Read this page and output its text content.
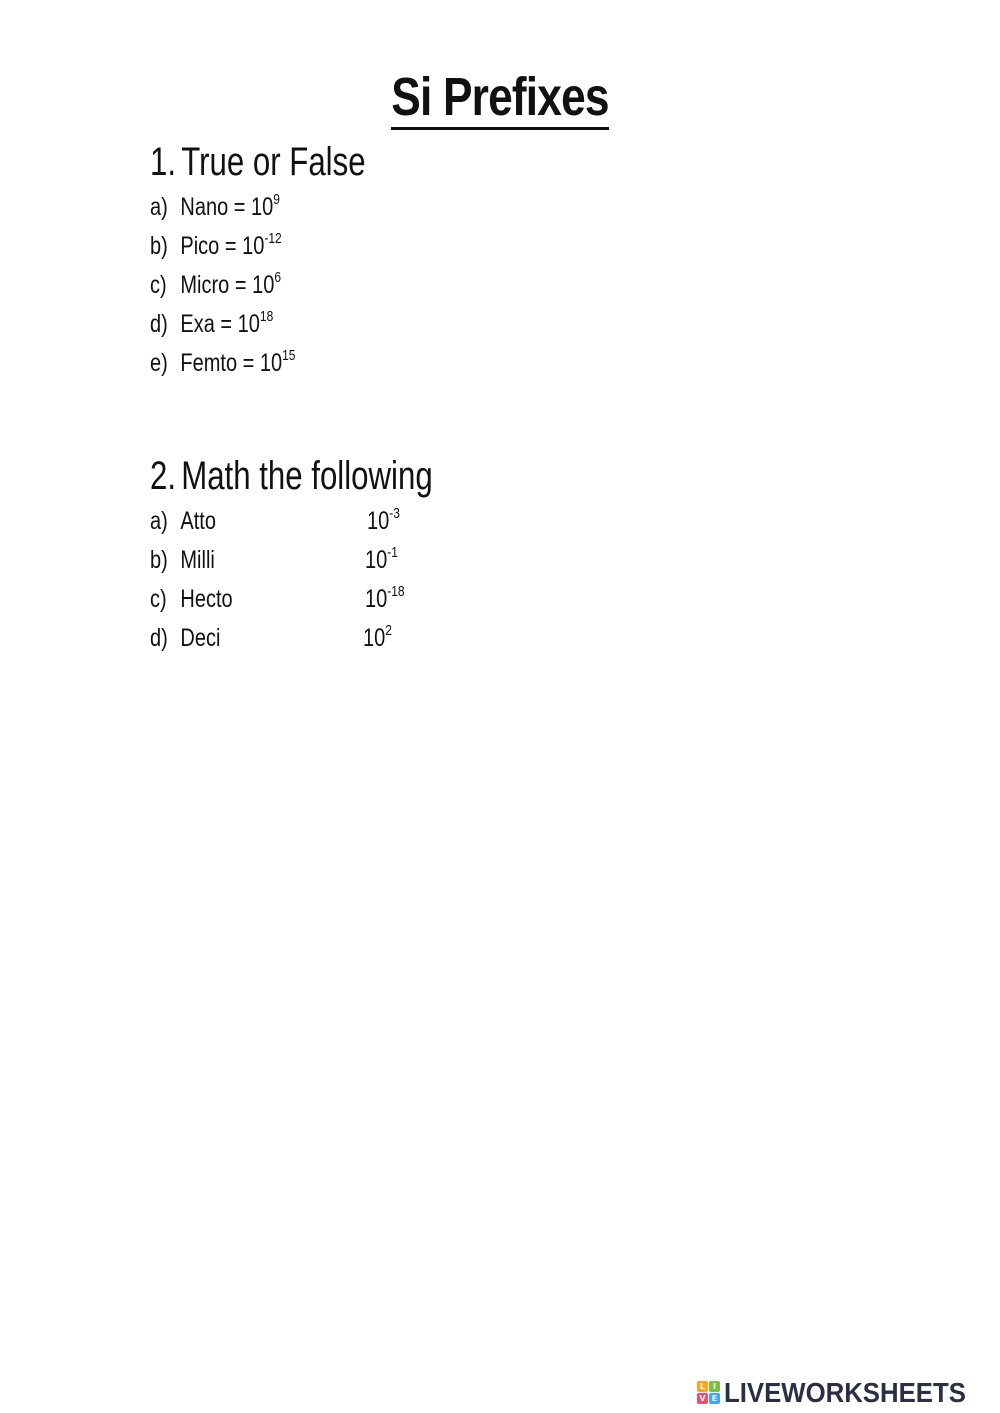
Si Prefixes
1. True or False
a) Nano = $10^9$
b) Pico = $10^{-12}$
c) Micro = $10^6$
d) Exa = $10^{18}$
e) Femto = $10^{15}$
2. Math the following
a) Atto	$10^{-3}$
b) Milli	$10^{-1}$
c) Hecto	$10^{-18}$
d) Deci	$10^2$
L I
V E LIVEWORKSHEETS
